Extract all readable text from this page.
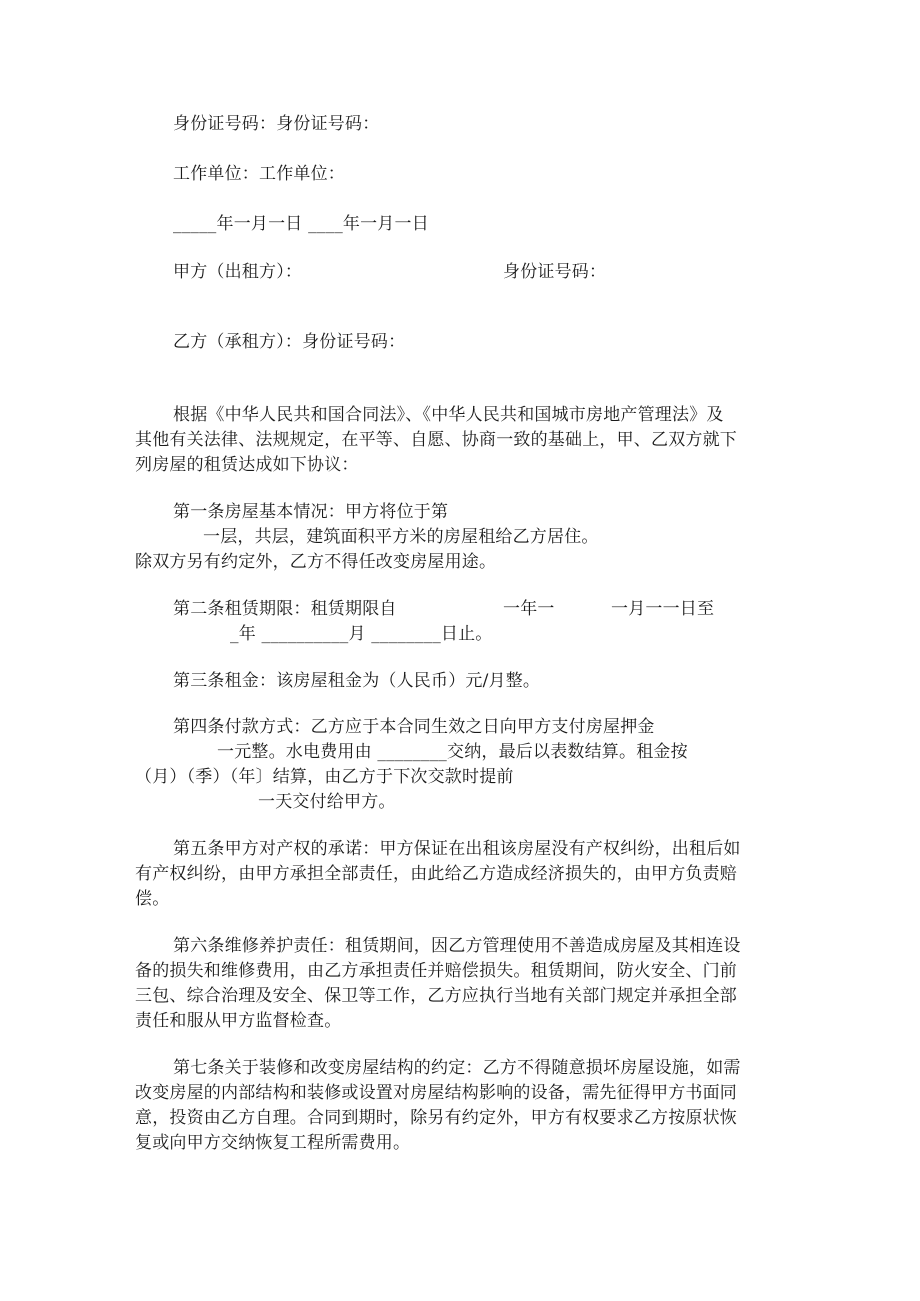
身份证号码：身份证号码：
工作单位：工作单位：
_____年一月一日 ____年一月一日
甲方（出租方）：	身份证号码：
乙方（承租方）：身份证号码：
根据《中华人民共和国合同法》、《中华人民共和国城市房地产管理法》及
其他有关法律、法规规定，在平等、自愿、协商一致的基础上，甲、乙双方就下
列房屋的租赁达成如下协议：
第一条房屋基本情况：甲方将位于第
一层，共层，建筑面积平方米的房屋租给乙方居住。
除双方另有约定外，乙方不得任改变房屋用途。
第二条租赁期限：租赁期限自	一年一	一月一一日至
_年 __________月 ________日止。
第三条租金：该房屋租金为（人民币）元/月整。
第四条付款方式：乙方应于本合同生效之日向甲方支付房屋押金
一元整。水电费用由 ________交纳，最后以表数结算。租金按
（月）（季）（年〕结算，由乙方于下次交款时提前
一天交付给甲方。
第五条甲方对产权的承诺：甲方保证在出租该房屋没有产权纠纷，出租后如
有产权纠纷，由甲方承担全部责任，由此给乙方造成经济损失的，由甲方负责赔
偿。
第六条维修养护责任：租赁期间，因乙方管理使用不善造成房屋及其相连设
备的损失和维修费用，由乙方承担责任并赔偿损失。租赁期间，防火安全、门前
三包、综合治理及安全、保卫等工作，乙方应执行当地有关部门规定并承担全部
责任和服从甲方监督检查。
第七条关于装修和改变房屋结构的约定：乙方不得随意损坏房屋设施，如需
改变房屋的内部结构和装修或设置对房屋结构影响的设备，需先征得甲方书面同
意，投资由乙方自理。合同到期时，除另有约定外，甲方有权要求乙方按原状恢
复或向甲方交纳恢复工程所需费用。
